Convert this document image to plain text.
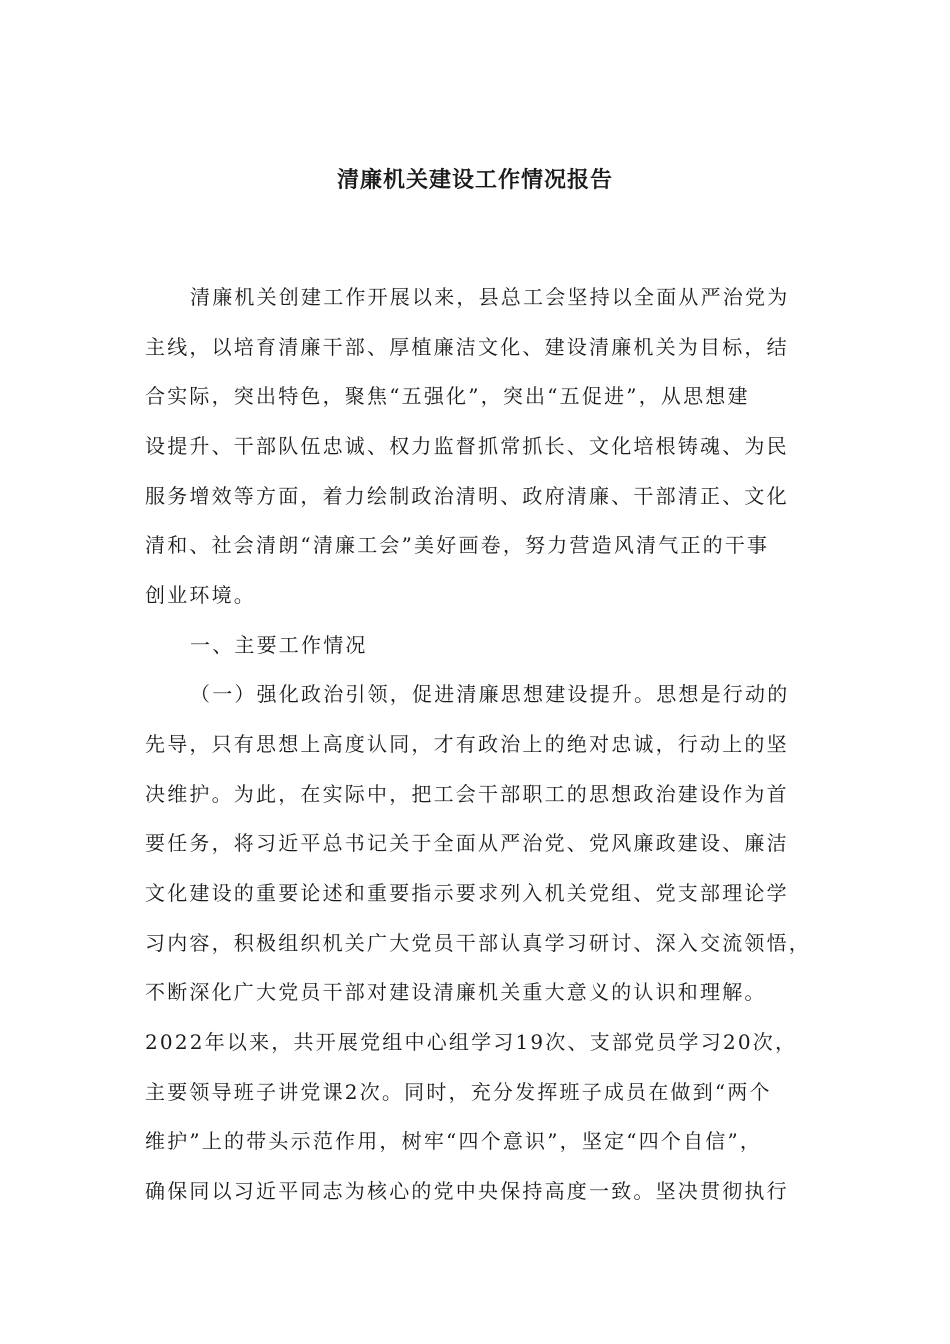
清廉机关建设工作情况报告
清廉机关创建工作开展以来，县总工会坚持以全面从严治党为
主线，以培育清廉干部、厚植廉洁文化、建设清廉机关为目标，结
合实际，突出特色，聚焦“五强化”，突出“五促进”，从思想建
设提升、干部队伍忠诚、权力监督抓常抓长、文化培根铸魂、为民
服务增效等方面，着力绘制政治清明、政府清廉、干部清正、文化
清和、社会清朗“清廉工会”美好画卷，努力营造风清气正的干事
创业环境。
一、主要工作情况
（一）强化政治引领，促进清廉思想建设提升。思想是行动的
先导，只有思想上高度认同，才有政治上的绝对忠诚，行动上的坚
决维护。为此，在实际中，把工会干部职工的思想政治建设作为首
要任务，将习近平总书记关于全面从严治党、党风廉政建设、廉洁
文化建设的重要论述和重要指示要求列入机关党组、党支部理论学
习内容，积极组织机关广大党员干部认真学习研讨、深入交流领悟，
不断深化广大党员干部对建设清廉机关重大意义的认识和理解。
2022年以来，共开展党组中心组学习19次、支部党员学习20次，
主要领导班子讲党课2次。同时，充分发挥班子成员在做到“两个
维护”上的带头示范作用，树牢“四个意识”，坚定“四个自信”，
确保同以习近平同志为核心的党中央保持高度一致。坚决贯彻执行
